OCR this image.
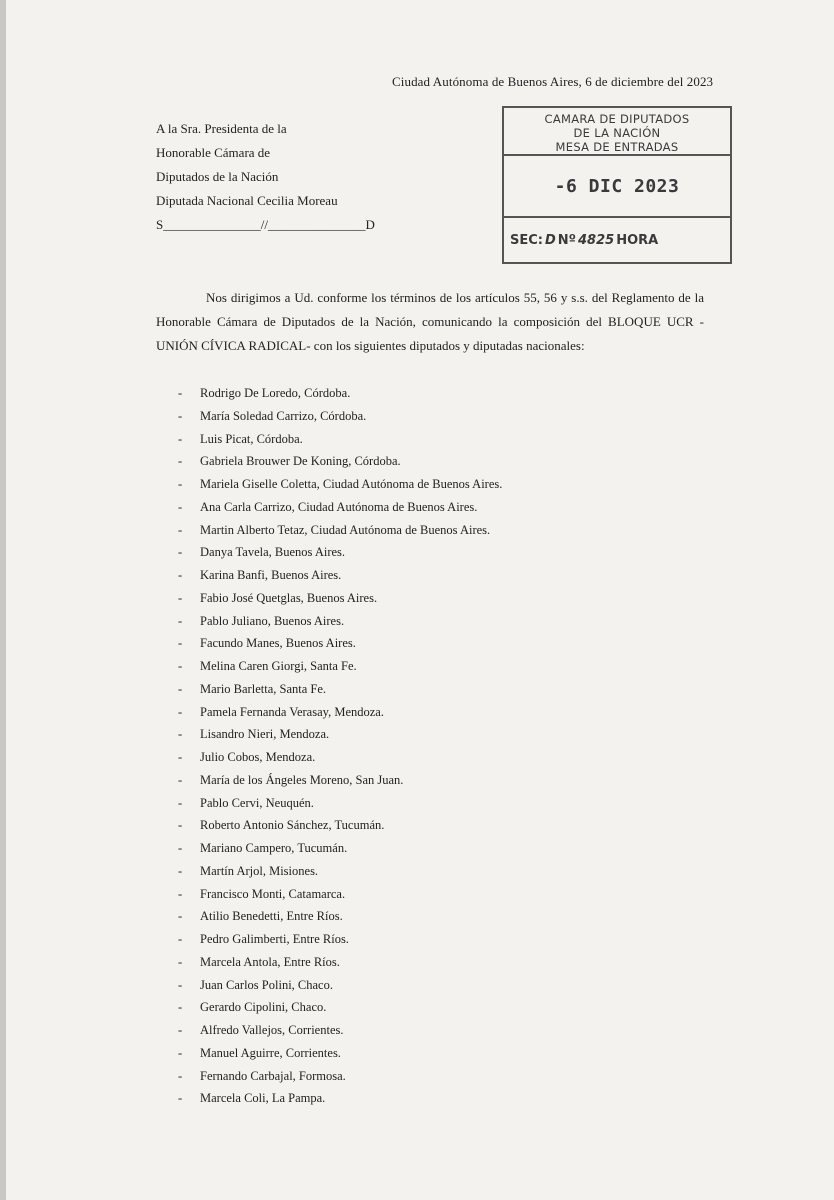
Ciudad Autónoma de Buenos Aires, 6 de diciembre del 2023
A la Sra. Presidenta de la
Honorable Cámara de
Diputados de la Nación
Diputada Nacional Cecilia Moreau
S_______________//_______________D
CAMARA DE DIPUTADOS
DE LA NACIÓN
MESA DE ENTRADAS
-6 DIC 2023
SEC: D Nº 4825 HORA

Nos dirigimos a Ud. conforme los términos de los artículos 55, 56 y s.s. del Reglamento de la Honorable Cámara de Diputados de la Nación, comunicando la composición del BLOQUE UCR -UNIÓN CÍVICA RADICAL- con los siguientes diputados y diputadas nacionales:

-	Rodrigo De Loredo, Córdoba.
-	María Soledad Carrizo, Córdoba.
-	Luis Picat, Córdoba.
-	Gabriela Brouwer De Koning, Córdoba.
-	Mariela Giselle Coletta, Ciudad Autónoma de Buenos Aires.
-	Ana Carla Carrizo, Ciudad Autónoma de Buenos Aires.
-	Martin Alberto Tetaz, Ciudad Autónoma de Buenos Aires.
-	Danya Tavela, Buenos Aires.
-	Karina Banfi, Buenos Aires.
-	Fabio José Quetglas, Buenos Aires.
-	Pablo Juliano, Buenos Aires.
-	Facundo Manes, Buenos Aires.
-	Melina Caren Giorgi, Santa Fe.
-	Mario Barletta, Santa Fe.
-	Pamela Fernanda Verasay, Mendoza.
-	Lisandro Nieri, Mendoza.
-	Julio Cobos, Mendoza.
-	María de los Ángeles Moreno, San Juan.
-	Pablo Cervi, Neuquén.
-	Roberto Antonio Sánchez, Tucumán.
-	Mariano Campero, Tucumán.
-	Martín Arjol, Misiones.
-	Francisco Monti, Catamarca.
-	Atilio Benedetti, Entre Ríos.
-	Pedro Galimberti, Entre Ríos.
-	Marcela Antola, Entre Ríos.
-	Juan Carlos Polini, Chaco.
-	Gerardo Cipolini, Chaco.
-	Alfredo Vallejos, Corrientes.
-	Manuel Aguirre, Corrientes.
-	Fernando Carbajal, Formosa.
-	Marcela Coli, La Pampa.
